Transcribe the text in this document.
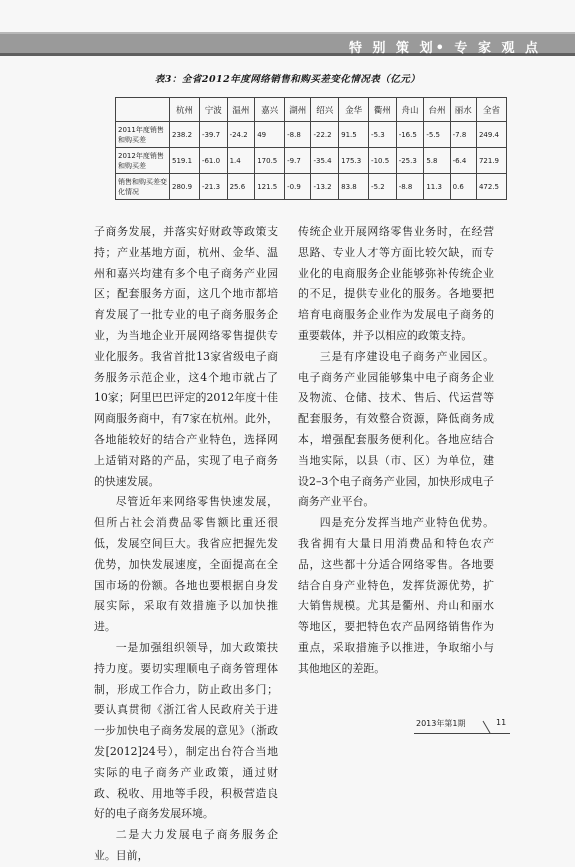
特 别 策 划• 专 家 观 点
表3：全省2012年度网络销售和购买差变化情况表（亿元）
	杭州	宁波	温州	嘉兴	湖州	绍兴	金华	衢州	舟山	台州	丽水	全省
2011年度销售和购买差	238.2	-39.7	-24.2	49	-8.8	-22.2	91.5	-5.3	-16.5	-5.5	-7.8	249.4
2012年度销售和购买差	519.1	-61.0	1.4	170.5	-9.7	-35.4	175.3	-10.5	-25.3	5.8	-6.4	721.9
销售和购买差变化情况	280.9	-21.3	25.6	121.5	-0.9	-13.2	83.8	-5.2	-8.8	11.3	0.6	472.5

子商务发展，并落实好财政等政策支持；产业基地方面，杭州、金华、温州和嘉兴均建有多个电子商务产业园区；配套服务方面，这几个地市都培育发展了一批专业的电子商务服务企业，为当地企业开展网络零售提供专业化服务。我省首批13家省级电子商务服务示范企业，这4个地市就占了10家；阿里巴巴评定的2012年度十佳网商服务商中，有7家在杭州。此外，各地能较好的结合产业特色，选择网上适销对路的产品，实现了电子商务的快速发展。

尽管近年来网络零售快速发展，但所占社会消费品零售额比重还很低，发展空间巨大。我省应把握先发优势，加快发展速度，全面提高在全国市场的份额。各地也要根据自身发展实际，采取有效措施予以加快推进。

一是加强组织领导，加大政策扶持力度。要切实理顺电子商务管理体制，形成工作合力，防止政出多门；要认真贯彻《浙江省人民政府关于进一步加快电子商务发展的意见》（浙政发[2012]24号），制定出台符合当地实际的电子商务产业政策，通过财政、税收、用地等手段，积极营造良好的电子商务发展环境。

二是大力发展电子商务服务企业。目前，

传统企业开展网络零售业务时，在经营思路、专业人才等方面比较欠缺，而专业化的电商服务企业能够弥补传统企业的不足，提供专业化的服务。各地要把培育电商服务企业作为发展电子商务的重要载体，并予以相应的政策支持。

三是有序建设电子商务产业园区。电子商务产业园能够集中电子商务企业及物流、仓储、技术、售后、代运营等配套服务，有效整合资源，降低商务成本，增强配套服务便利化。各地应结合当地实际，以县（市、区）为单位，建设2–3个电子商务产业园，加快形成电子商务产业平台。

四是充分发挥当地产业特色优势。我省拥有大量日用消费品和特色农产品，这些都十分适合网络零售。各地要结合自身产业特色，发挥货源优势，扩大销售规模。尤其是衢州、舟山和丽水等地区，要把特色农产品网络销售作为重点，采取措施予以推进，争取缩小与其他地区的差距。

2013年第1期	11
